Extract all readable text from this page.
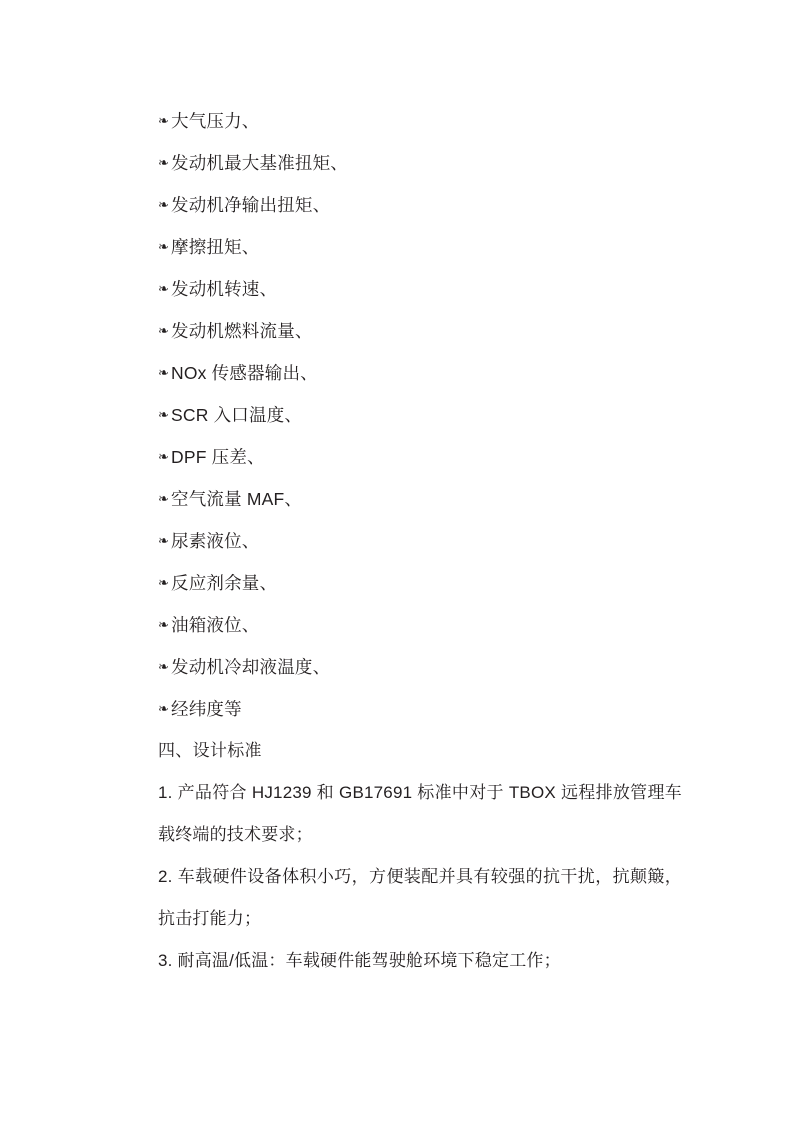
❧ 大气压力、
❧ 发动机最大基准扭矩、
❧ 发动机净输出扭矩、
❧ 摩擦扭矩、
❧ 发动机转速、
❧ 发动机燃料流量、
❧ NOx 传感器输出、
❧ SCR 入口温度、
❧ DPF 压差、
❧ 空气流量 MAF、
❧ 尿素液位、
❧ 反应剂余量、
❧ 油箱液位、
❧ 发动机冷却液温度、
❧ 经纬度等
四、设计标准

1. 产品符合 HJ1239 和 GB17691 标准中对于 TBOX 远程排放管理车载终端的技术要求；

2. 车载硬件设备体积小巧，方便装配并具有较强的抗干扰，抗颠簸，抗击打能力；

3. 耐高温/低温：车载硬件能驾驶舱环境下稳定工作；
